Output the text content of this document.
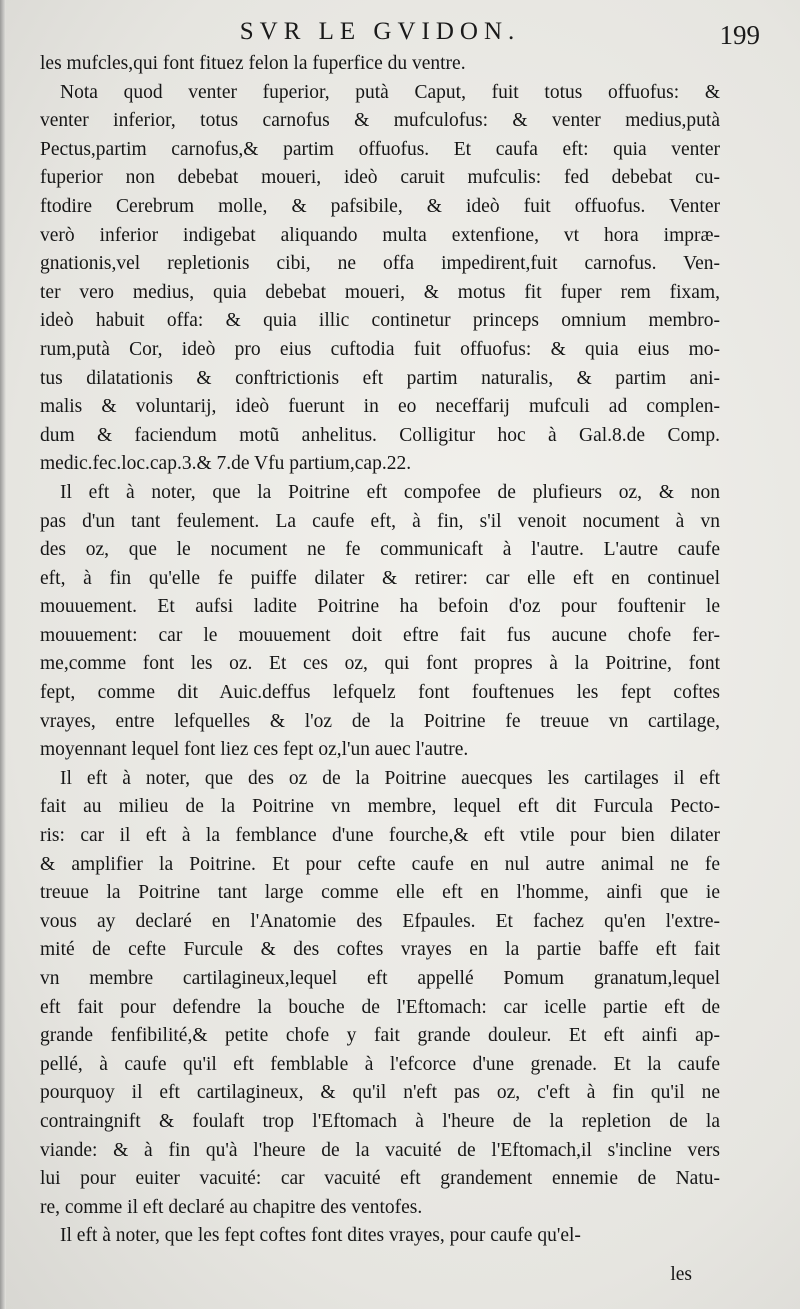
SVR LE GVIDON.	199
les mufcles,qui font fituez felon la fuperfice du ventre.
Nota quod venter fuperior, putà Caput, fuit totus offuofus: &
venter inferior, totus carnofus & mufculofus: & venter medius,putà
Pectus,partim carnofus,& partim offuofus. Et caufa eft: quia venter
fuperior non debebat moueri, ideò caruit mufculis: fed debebat cu-
ftodire Cerebrum molle, & pafsibile, & ideò fuit offuofus. Venter
verò inferior indigebat aliquando multa extenfione, vt hora impræ-
gnationis,vel repletionis cibi, ne offa impedirent,fuit carnofus. Ven-
ter vero medius, quia debebat moueri, & motus fit fuper rem fixam,
ideò habuit offa: & quia illic continetur princeps omnium membro-
rum,putà Cor, ideò pro eius cuftodia fuit offuofus: & quia eius mo-
tus dilatationis & conftrictionis eft partim naturalis, & partim ani-
malis & voluntarij, ideò fuerunt in eo neceffarij mufculi ad complen-
dum & faciendum motũ anhelitus. Colligitur hoc à Gal.8.de Comp.
medic.fec.loc.cap.3.& 7.de Vfu partium,cap.22.
Il eft à noter, que la Poitrine eft compofee de plufieurs oz, & non
pas d'un tant feulement. La caufe eft, à fin, s'il venoit nocument à vn
des oz, que le nocument ne fe communicaft à l'autre. L'autre caufe
eft, à fin qu'elle fe puiffe dilater & retirer: car elle eft en continuel
mouuement. Et aufsi ladite Poitrine ha befoin d'oz pour fouftenir le
mouuement: car le mouuement doit eftre fait fus aucune chofe fer-
me,comme font les oz. Et ces oz, qui font propres à la Poitrine, font
fept, comme dit Auic.deffus lefquelz font fouftenues les fept coftes
vrayes, entre lefquelles & l'oz de la Poitrine fe treuue vn cartilage,
moyennant lequel font liez ces fept oz,l'un auec l'autre.
Il eft à noter, que des oz de la Poitrine auecques les cartilages il eft
fait au milieu de la Poitrine vn membre, lequel eft dit Furcula Pecto-
ris: car il eft à la femblance d'une fourche,& eft vtile pour bien dilater
& amplifier la Poitrine. Et pour cefte caufe en nul autre animal ne fe
treuue la Poitrine tant large comme elle eft en l'homme, ainfi que ie
vous ay declaré en l'Anatomie des Efpaules. Et fachez qu'en l'extre-
mité de cefte Furcule & des coftes vrayes en la partie baffe eft fait
vn membre cartilagineux,lequel eft appellé Pomum granatum,lequel
eft fait pour defendre la bouche de l'Eftomach: car icelle partie eft de
grande fenfibilité,& petite chofe y fait grande douleur. Et eft ainfi ap-
pellé, à caufe qu'il eft femblable à l'efcorce d'une grenade. Et la caufe
pourquoy il eft cartilagineux, & qu'il n'eft pas oz, c'eft à fin qu'il ne
contraingnift & foulaft trop l'Eftomach à l'heure de la repletion de la
viande: & à fin qu'à l'heure de la vacuité de l'Eftomach,il s'incline vers
lui pour euiter vacuité: car vacuité eft grandement ennemie de Natu-
re, comme il eft declaré au chapitre des ventofes.
Il eft à noter, que les fept coftes font dites vrayes, pour caufe qu'el-
les
